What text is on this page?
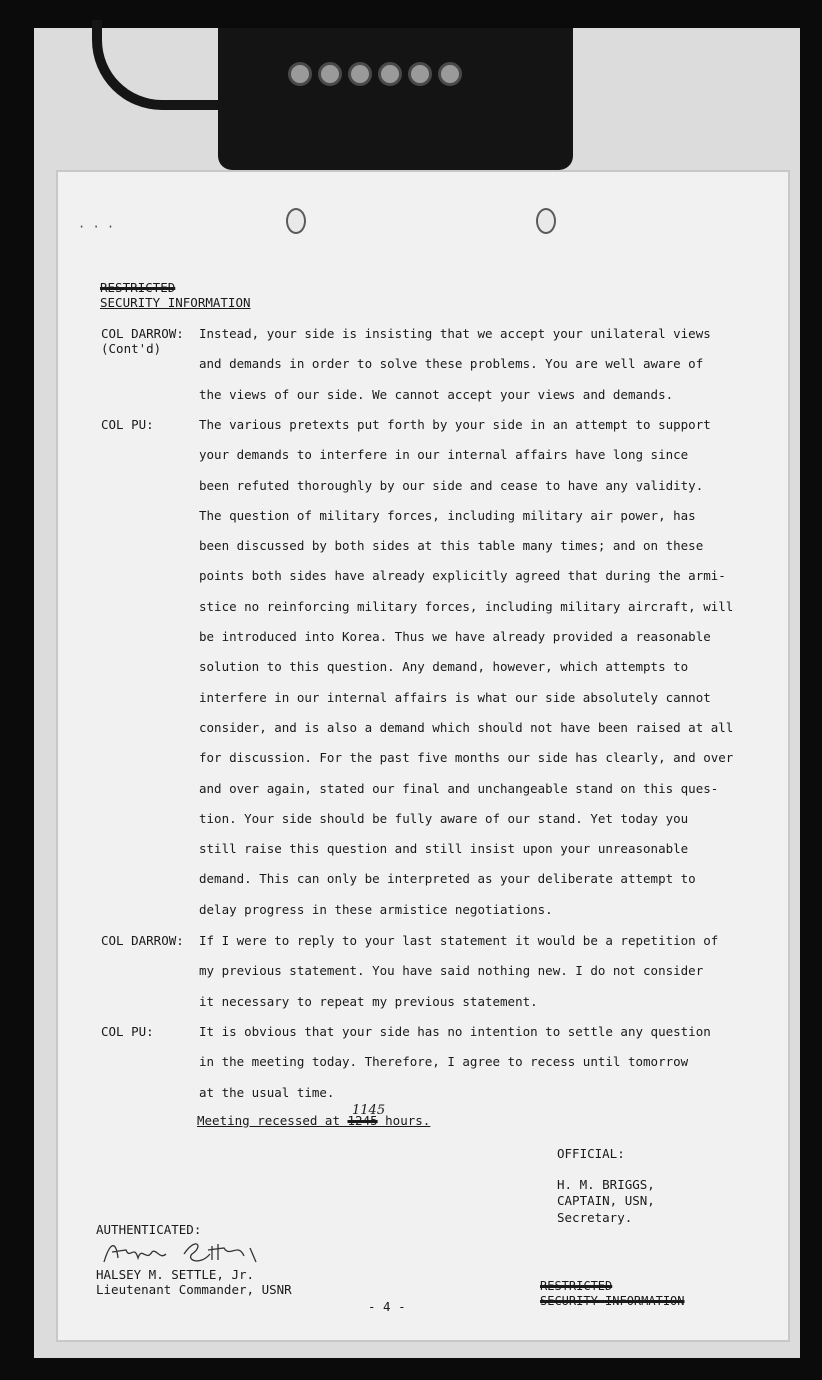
· · ·
RESTRICTED
SECURITY INFORMATION
COL DARROW:
(Cont'd)
Instead, your side is insisting that we accept your unilateral views
and demands in order to solve these problems. You are well aware of
the views of our side. We cannot accept your views and demands.
COL PU:	The various pretexts put forth by your side in an attempt to support
your demands to interfere in our internal affairs have long since
been refuted thoroughly by our side and cease to have any validity.
The question of military forces, including military air power, has
been discussed by both sides at this table many times; and on these
points both sides have already explicitly agreed that during the armi-
stice no reinforcing military forces, including military aircraft, will
be introduced into Korea. Thus we have already provided a reasonable
solution to this question. Any demand, however, which attempts to
interfere in our internal affairs is what our side absolutely cannot
consider, and is also a demand which should not have been raised at all
for discussion. For the past five months our side has clearly, and over
and over again, stated our final and unchangeable stand on this ques-
tion. Your side should be fully aware of our stand. Yet today you
still raise this question and still insist upon your unreasonable
demand. This can only be interpreted as your deliberate attempt to
delay progress in these armistice negotiations.
COL DARROW: If I were to reply to your last statement it would be a repetition of
my previous statement. You have said nothing new. I do not consider
it necessary to repeat my previous statement.
COL PU:	It is obvious that your side has no intention to settle any question
in the meeting today. Therefore, I agree to recess until tomorrow
at the usual time.
Meeting recessed at 1245 hours.
1145
OFFICIAL:
H. M. BRIGGS,
CAPTAIN, USN,
Secretary.
AUTHENTICATED:
HALSEY M. SETTLE, Jr.
Lieutenant Commander, USNR
- 4 -
RESTRICTED
SECURITY INFORMATION
